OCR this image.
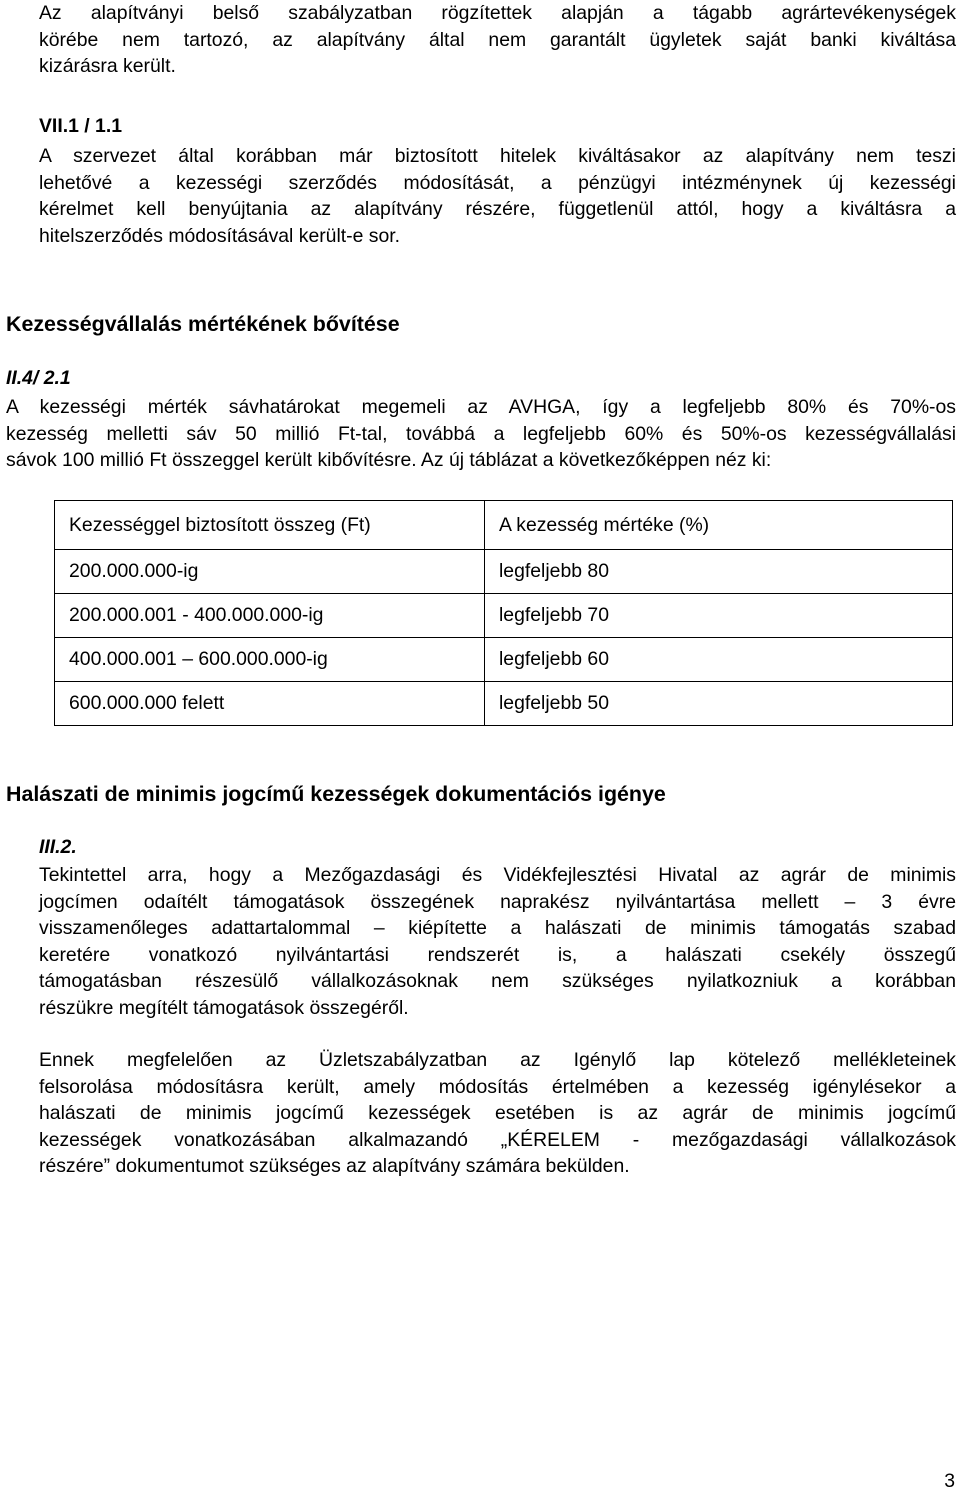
Az alapítványi belső szabályzatban rögzítettek alapján a tágabb agrártevékenységek
körébe nem tartozó, az alapítvány által nem garantált ügyletek saját banki kiváltása
kizárásra került.
VII.1 / 1.1
A szervezet által korábban már biztosított hitelek kiváltásakor az alapítvány nem teszi
lehetővé a kezességi szerződés módosítását, a pénzügyi intézménynek új kezességi
kérelmet kell benyújtania az alapítvány részére, függetlenül attól, hogy a kiváltásra a
hitelszerződés módosításával került-e sor.
Kezességvállalás mértékének bővítése
II.4/ 2.1
A kezességi mérték sávhatárokat megemeli az AVHGA, így a legfeljebb 80% és 70%-os
kezesség melletti sáv 50 millió Ft-tal, továbbá a legfeljebb 60% és 50%-os kezességvállalási
sávok 100 millió Ft összeggel került kibővítésre. Az új táblázat a következőképpen néz ki:
Kezességgel biztosított összeg (Ft)	A kezesség mértéke (%)
200.000.000-ig	legfeljebb 80
200.000.001 - 400.000.000-ig	legfeljebb 70
400.000.001 – 600.000.000-ig	legfeljebb 60
600.000.000 felett	legfeljebb 50
Halászati de minimis jogcímű kezességek dokumentációs igénye
III.2.
Tekintettel arra, hogy a Mezőgazdasági és Vidékfejlesztési Hivatal az agrár de minimis
jogcímen odaítélt támogatások összegének naprakész nyilvántartása mellett – 3 évre
visszamenőleges adattartalommal – kiépítette a halászati de minimis támogatás szabad
keretére vonatkozó nyilvántartási rendszerét is, a halászati csekély összegű
támogatásban részesülő vállalkozásoknak nem szükséges nyilatkozniuk a korábban
részükre megítélt támogatások összegéről.
Ennek megfelelően az Üzletszabályzatban az Igénylő lap kötelező mellékleteinek
felsorolása módosításra került, amely módosítás értelmében a kezesség igénylésekor a
halászati de minimis jogcímű kezességek esetében is az agrár de minimis jogcímű
kezességek vonatkozásában alkalmazandó „KÉRELEM - mezőgazdasági vállalkozások
részére” dokumentumot szükséges az alapítvány számára bekülden.
3
